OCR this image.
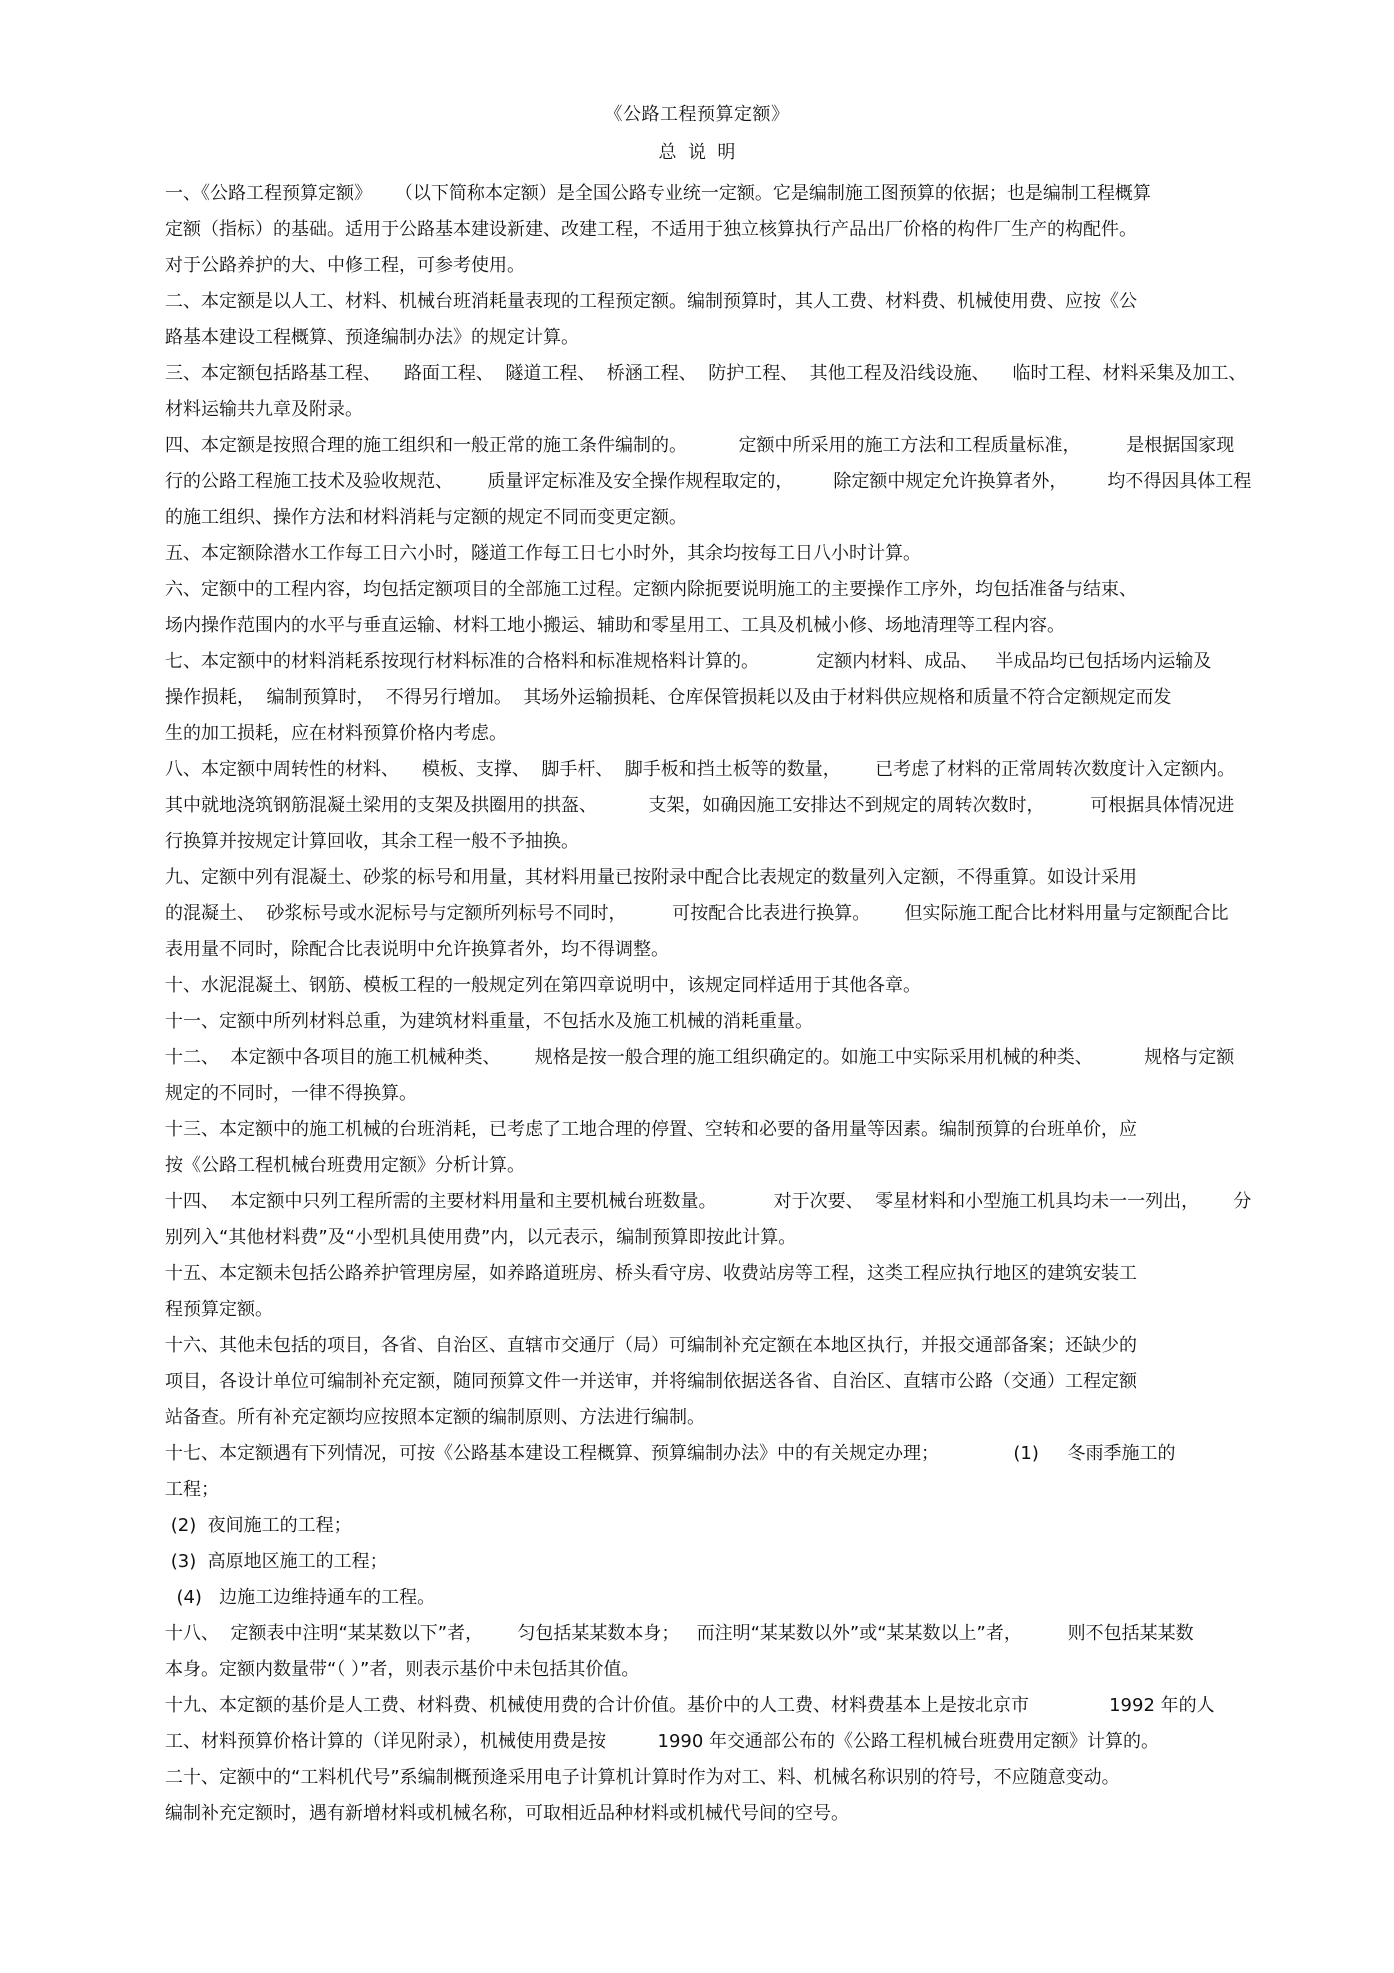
《公路工程预算定额》
总  说  明
一、《公路工程预算定额》    （以下简称本定额）是全国公路专业统一定额。它是编制施工图预算的依据；也是编制工程概算
定额（指标）的基础。适用于公路基本建设新建、改建工程，不适用于独立核算执行产品出厂价格的构件厂生产的构配件。
对于公路养护的大、中修工程，可参考使用。
二、本定额是以人工、材料、机械台班消耗量表现的工程预定额。编制预算时，其人工费、材料费、机械使用费、应按《公
路基本建设工程概算、预逄编制办法》的规定计算。
三、本定额包括路基工程、    路面工程、  隧道工程、  桥涵工程、  防护工程、  其他工程及沿线设施、    临时工程、材料采集及加工、
材料运输共九章及附录。
四、本定额是按照合理的施工组织和一般正常的施工条件编制的。         定额中所采用的施工方法和工程质量标准，        是根据国家现
行的公路工程施工技术及验收规范、      质量评定标准及安全操作规程取定的，       除定额中规定允许换算者外，       均不得因具体工程
的施工组织、操作方法和材料消耗与定额的规定不同而变更定额。
五、本定额除潜水工作每工日六小时，隧道工作每工日七小时外，其余均按每工日八小时计算。
六、定额中的工程内容，均包括定额项目的全部施工过程。定额内除扼要说明施工的主要操作工序外，均包括准备与结束、
场内操作范围内的水平与垂直运输、材料工地小搬运、辅助和零星用工、工具及机械小修、场地清理等工程内容。
七、本定额中的材料消耗系按现行材料标准的合格料和标准规格料计算的。          定额内材料、成品、   半成品均已包括场内运输及
操作损耗，  编制预算时，  不得另行增加。  其场外运输损耗、仓库保管损耗以及由于材料供应规格和质量不符合定额规定而发
生的加工损耗，应在材料预算价格内考虑。
八、本定额中周转性的材料、    模板、支撑、  脚手杆、  脚手板和挡土板等的数量，      已考虑了材料的正常周转次数度计入定额内。
其中就地浇筑钢筋混凝土梁用的支架及拱圈用的拱盔、         支架，如确因施工安排达不到规定的周转次数时，        可根据具体情况进
行换算并按规定计算回收，其余工程一般不予抽换。
九、定额中列有混凝土、砂浆的标号和用量，其材料用量已按附录中配合比表规定的数量列入定额，不得重算。如设计采用
的混凝土、  砂浆标号或水泥标号与定额所列标号不同时，        可按配合比表进行换算。      但实际施工配合比材料用量与定额配合比
表用量不同时，除配合比表说明中允许换算者外，均不得调整。
十、水泥混凝土、钢筋、模板工程的一般规定列在第四章说明中，该规定同样适用于其他各章。
十一、定额中所列材料总重，为建筑材料重量，不包括水及施工机械的消耗重量。
十二、  本定额中各项目的施工机械种类、      规格是按一般合理的施工组织确定的。如施工中实际采用机械的种类、         规格与定额
规定的不同时，一律不得换算。
十三、本定额中的施工机械的台班消耗，已考虑了工地合理的停置、空转和必要的备用量等因素。编制预算的台班单价，应
按《公路工程机械台班费用定额》分析计算。
十四、  本定额中只列工程所需的主要材料用量和主要机械台班数量。          对于次要、  零星材料和小型施工机具均未一一列出，      分
别列入“其他材料费”及“小型机具使用费”内，以元表示，编制预算即按此计算。
十五、本定额未包括公路养护管理房屋，如养路道班房、桥头看守房、收费站房等工程，这类工程应执行地区的建筑安装工
程预算定额。
十六、其他未包括的项目，各省、自治区、直辖市交通厅（局）可编制补充定额在本地区执行，并报交通部备案；还缺少的
项目，各设计单位可编制补充定额，随同预算文件一并送审，并将编制依据送各省、自治区、直辖市公路（交通）工程定额
站备查。所有补充定额均应按照本定额的编制原则、方法进行编制。
十七、本定额遇有下列情况，可按《公路基本建设工程概算、预算编制办法》中的有关规定办理；             (1)     冬雨季施工的
工程；
(2)  夜间施工的工程；
(3)  高原地区施工的工程；
(4)   边施工边维持通车的工程。
十八、  定额表中注明“某某数以下”者，      匀包括某某数本身；   而注明“某某数以外”或“某某数以上”者，        则不包括某某数
本身。定额内数量带“（ ）”者，则表示基价中未包括其价值。
十九、本定额的基价是人工费、材料费、机械使用费的合计价值。基价中的人工费、材料费基本上是按北京市              1992 年的人
工、材料预算价格计算的（详见附录），机械使用费是按         1990 年交通部公布的《公路工程机械台班费用定额》计算的。
二十、定额中的“工料机代号”系编制概预逄采用电子计算机计算时作为对工、料、机械名称识别的符号，不应随意变动。
编制补充定额时，遇有新增材料或机械名称，可取相近品种材料或机械代号间的空号。
